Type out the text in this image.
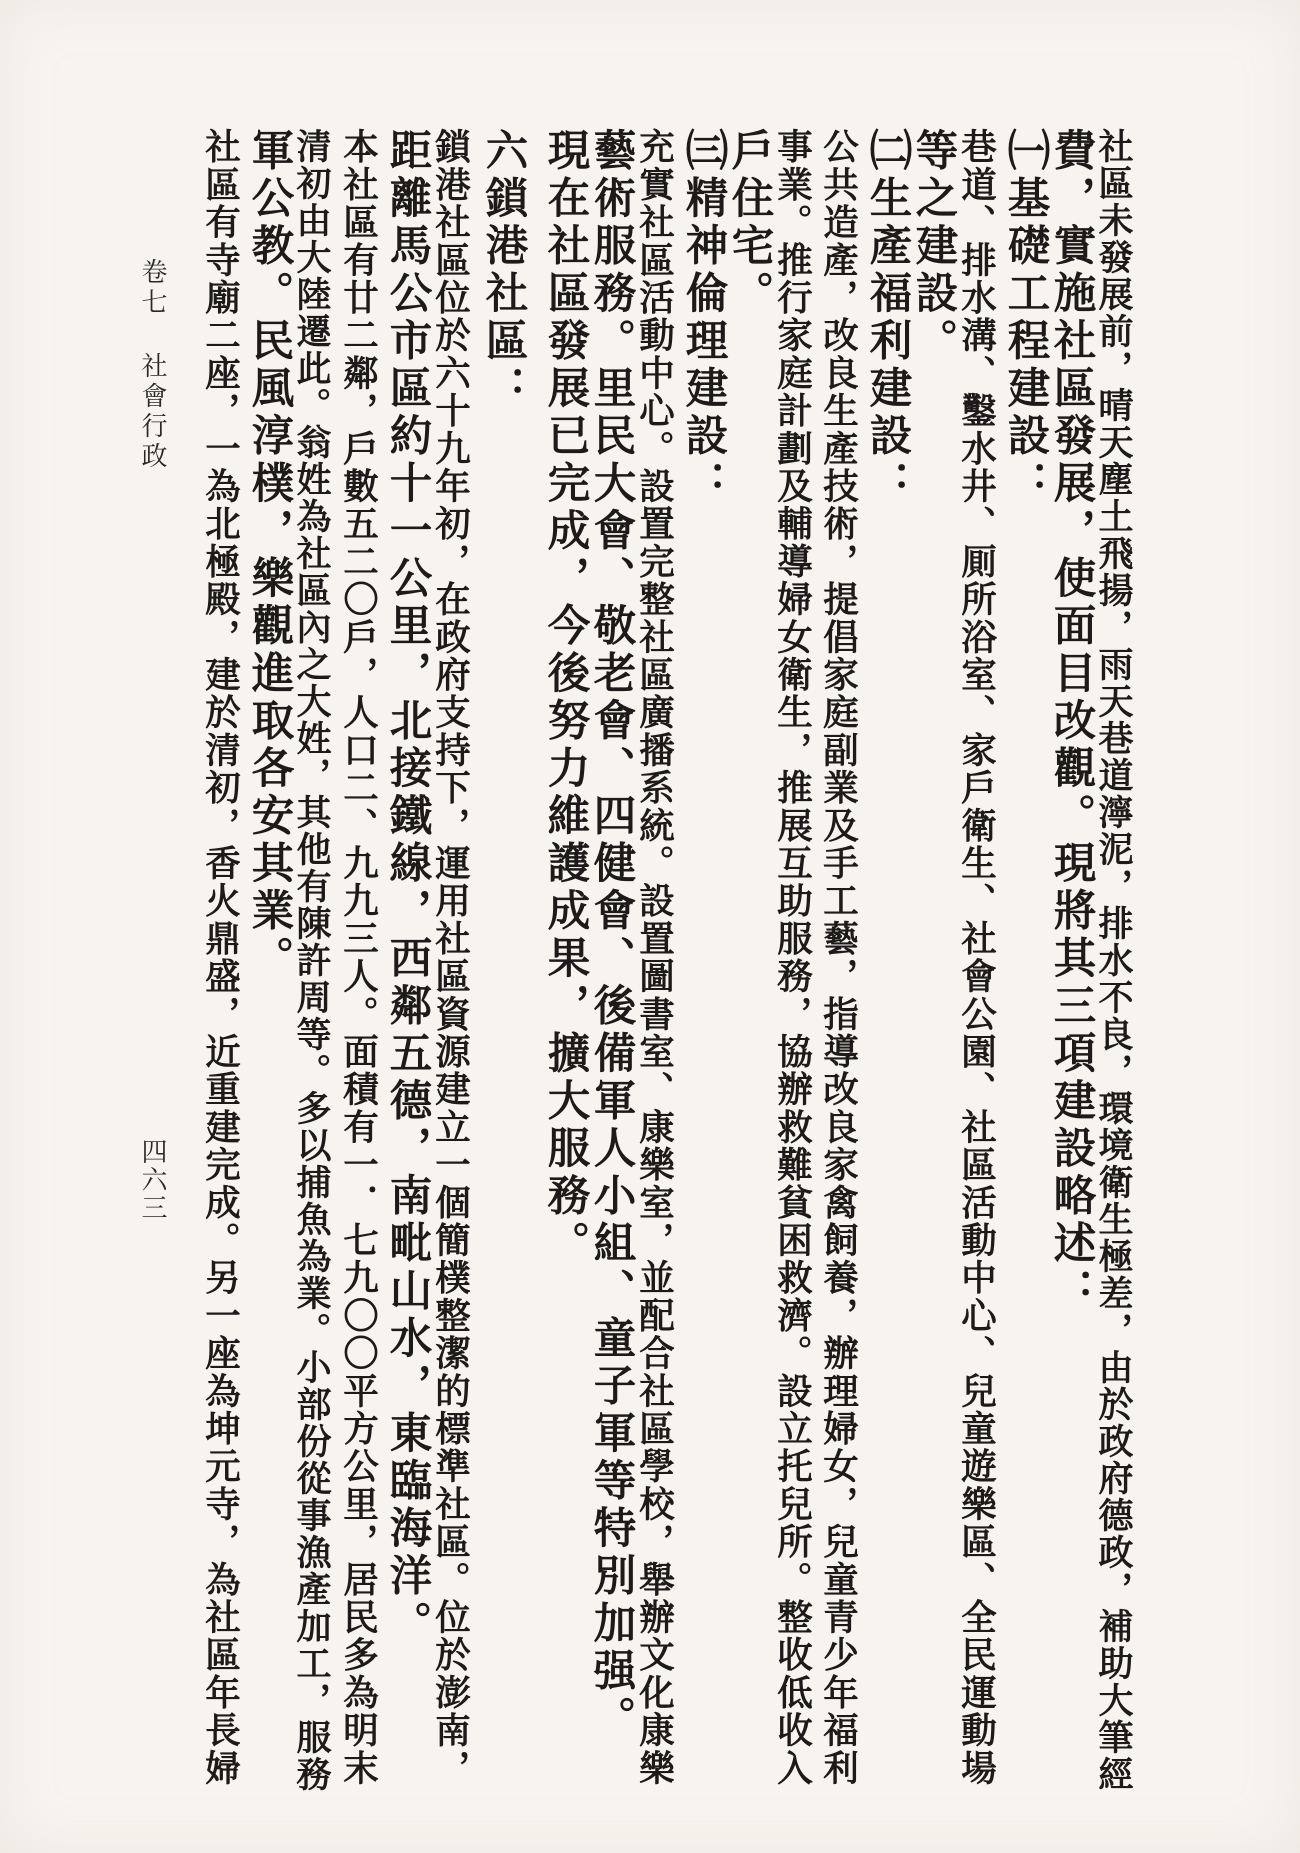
社區未發展前，晴天塵土飛揚，雨天巷道濘泥，排水不良，環境衛生極差，由於政府德政，補助大筆經
費，實施社區發展，使面目改觀。現將其三項建設略述：
㈠基礎工程建設：
巷道、排水溝、鑿水井、厠所浴室、家戶衛生、社會公園、社區活動中心、兒童遊樂區、全民運動場
等之建設。
㈡生產福利建設：
公共造產，改良生產技術，提倡家庭副業及手工藝，指導改良家禽飼養，辦理婦女，兒童青少年福利
事業。推行家庭計劃及輔導婦女衛生，推展互助服務，協辦救難貧困救濟。設立托兒所。整收低收入
戶住宅。
㈢精神倫理建設：
充實社區活動中心。設置完整社區廣播系統。設置圖書室、康樂室，並配合社區學校，舉辦文化康樂
藝術服務。里民大會、敬老會、四健會、後備軍人小組、童子軍等特別加强。
現在社區發展已完成，今後努力維護成果，擴大服務。
六鎖港社區：
鎖港社區位於六十九年初，在政府支持下，運用社區資源建立一個簡樸整潔的標準社區。位於澎南，
距離馬公市區約十一公里，北接鐵線，西鄰五德，南毗山水，東臨海洋。
本社區有廿二鄰，戶數五二〇戶，人口二、九九三人。面積有一．七九〇〇平方公里，居民多為明末
清初由大陸遷此。翁姓為社區內之大姓，其他有陳許周等。多以捕魚為業。小部份從事漁產加工，服務
軍公教。民風淳樸，樂觀進取各安其業。
社區有寺廟二座，一為北極殿，建於清初，香火鼎盛，近重建完成。另一座為坤元寺，為社區年長婦
卷七
社會行政
四六三
